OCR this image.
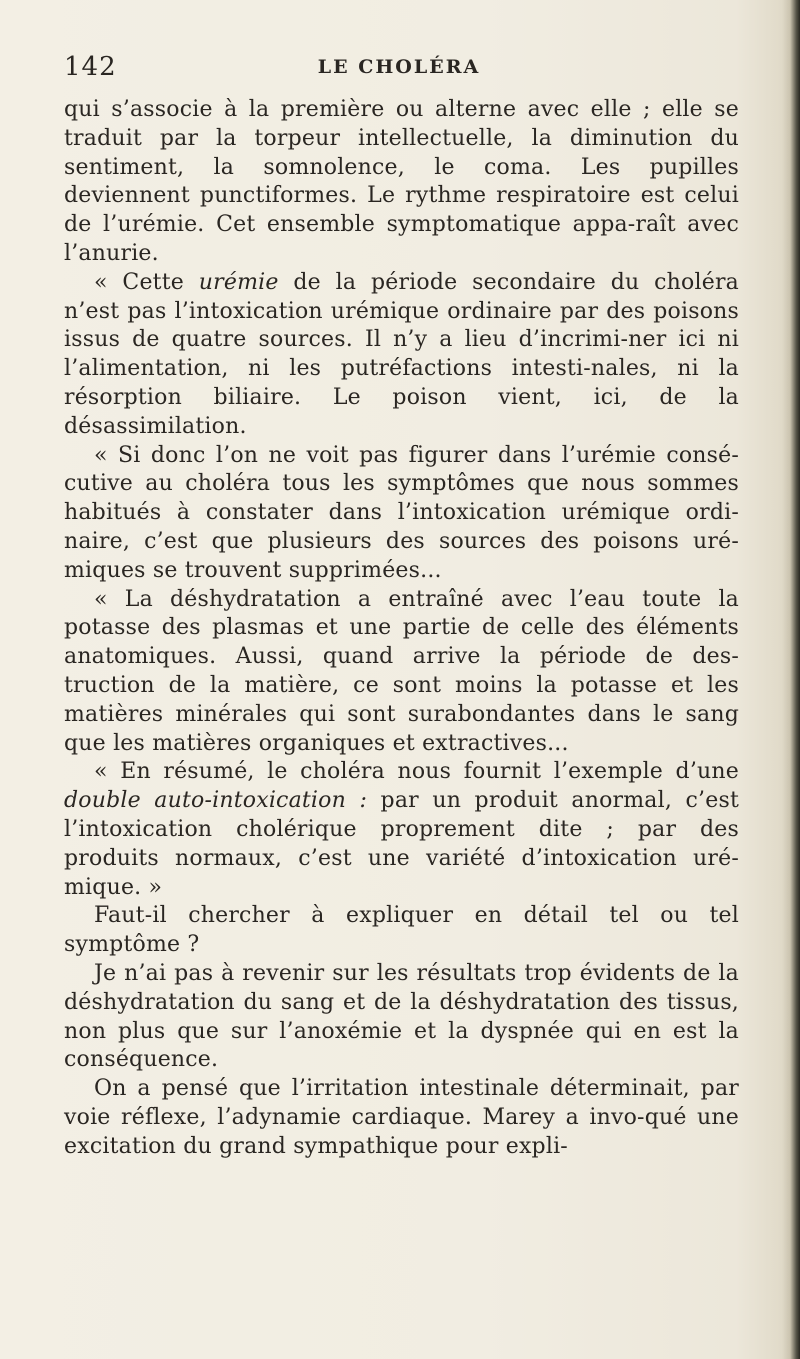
142	LE CHOLÉRA

qui s’associe à la première ou alterne avec elle ; elle se traduit par la torpeur intellectuelle, la diminution du sentiment, la somnolence, le coma. Les pupilles deviennent punctiformes. Le rythme respiratoire est celui de l’urémie. Cet ensemble symptomatique appa-raît avec l’anurie.

« Cette urémie de la période secondaire du choléra n’est pas l’intoxication urémique ordinaire par des poisons issus de quatre sources. Il n’y a lieu d’incrimi-ner ici ni l’alimentation, ni les putréfactions intesti-nales, ni la résorption biliaire. Le poison vient, ici, de la désassimilation.

« Si donc l’on ne voit pas figurer dans l’urémie consé-cutive au choléra tous les symptômes que nous sommes habitués à constater dans l’intoxication urémique ordi-naire, c’est que plusieurs des sources des poisons uré-miques se trouvent supprimées...

« La déshydratation a entraîné avec l’eau toute la potasse des plasmas et une partie de celle des éléments anatomiques. Aussi, quand arrive la période de des-truction de la matière, ce sont moins la potasse et les matières minérales qui sont surabondantes dans le sang que les matières organiques et extractives...

« En résumé, le choléra nous fournit l’exemple d’une double auto-intoxication : par un produit anormal, c’est l’intoxication cholérique proprement dite ; par des produits normaux, c’est une variété d’intoxication uré-mique. »

Faut-il chercher à expliquer en détail tel ou tel symptôme ?

Je n’ai pas à revenir sur les résultats trop évidents de la déshydratation du sang et de la déshydratation des tissus, non plus que sur l’anoxémie et la dyspnée qui en est la conséquence.

On a pensé que l’irritation intestinale déterminait, par voie réflexe, l’adynamie cardiaque. Marey a invo-qué une excitation du grand sympathique pour expli-
